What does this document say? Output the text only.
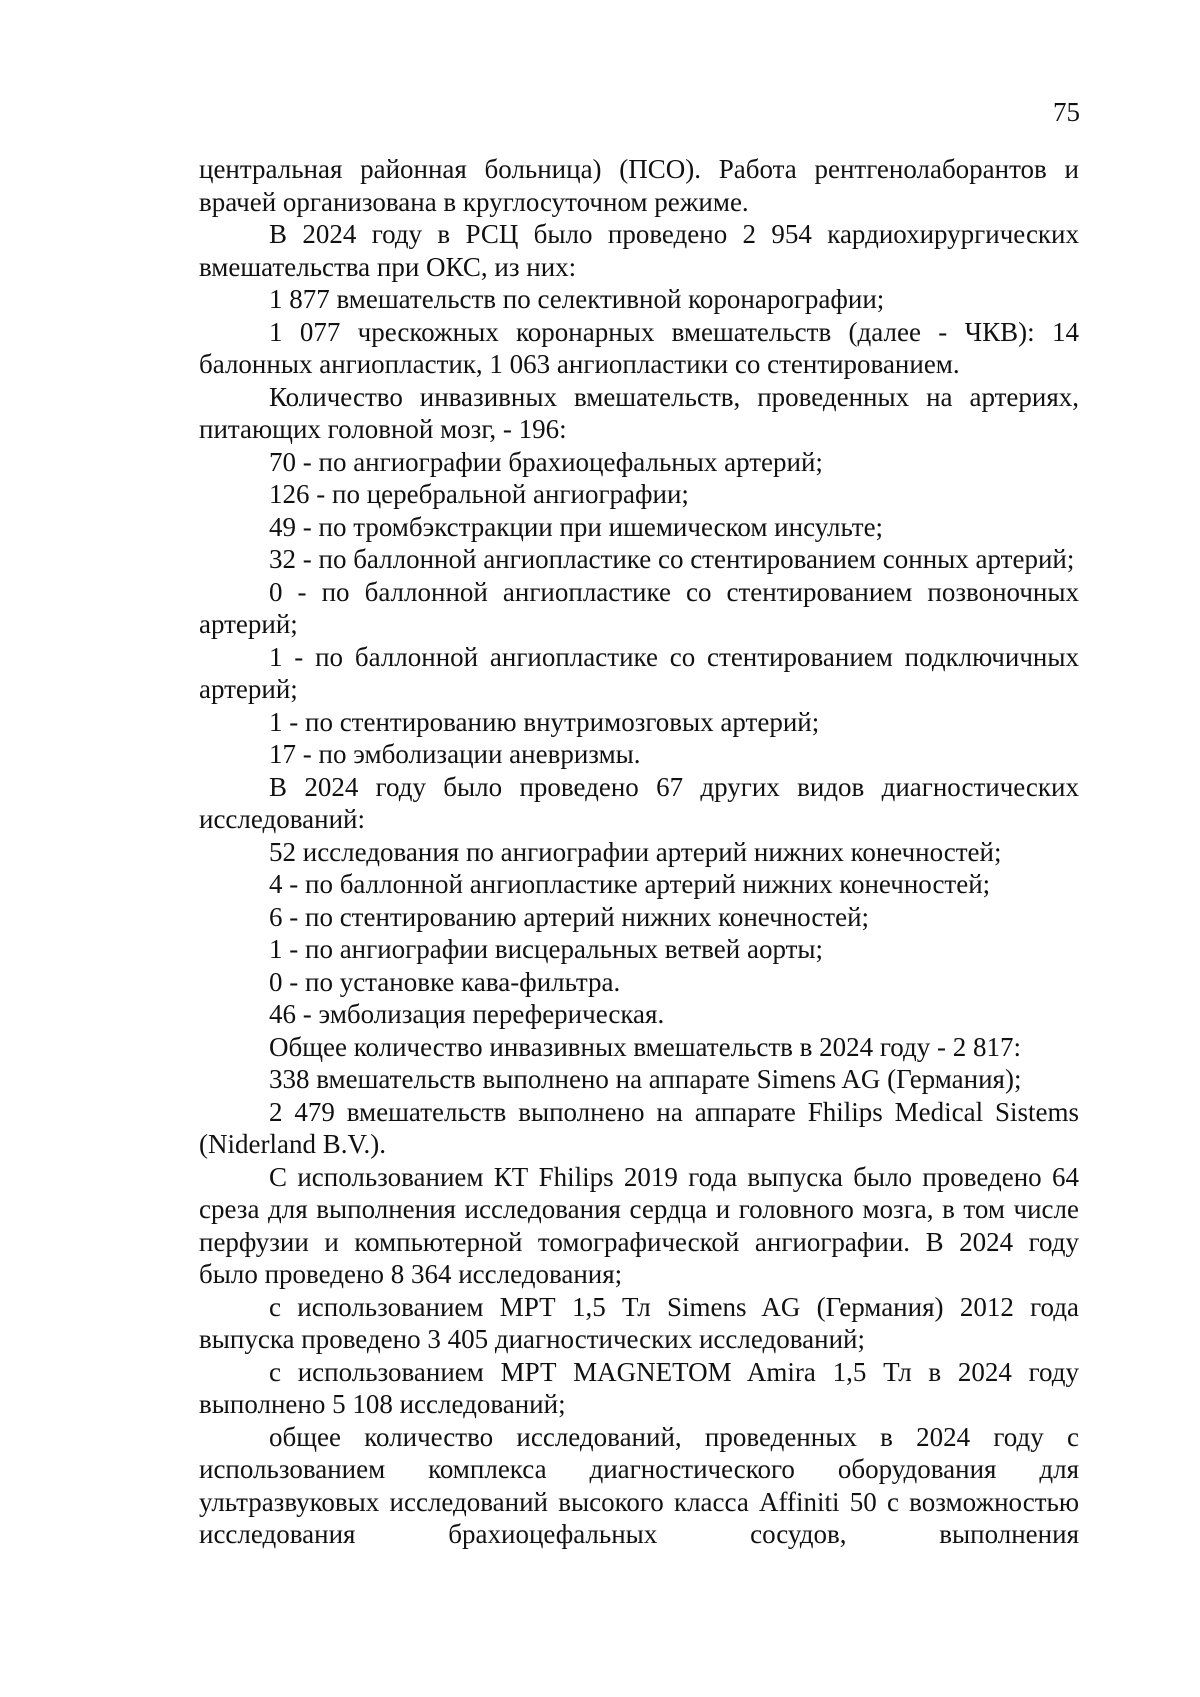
75

центральная районная больница) (ПСО). Работа рентгенолаборантов и врачей организована в круглосуточном режиме.

В 2024 году в РСЦ было проведено 2 954 кардиохирургических вмешательства при ОКС, из них:

1 877 вмешательств по селективной коронарографии;

1 077 чрескожных коронарных вмешательств (далее - ЧКВ): 14 балонных ангиопластик, 1 063 ангиопластики со стентированием.

Количество инвазивных вмешательств, проведенных на артериях, питающих головной мозг, - 196:

70 - по ангиографии брахиоцефальных артерий;

126 - по церебральной ангиографии;

49 - по тромбэкстракции при ишемическом инсульте;

32 - по баллонной ангиопластике со стентированием сонных артерий;

0 - по баллонной ангиопластике со стентированием позвоночных артерий;

1 - по баллонной ангиопластике со стентированием подключичных артерий;

1 - по стентированию внутримозговых артерий;

17 - по эмболизации аневризмы.

В 2024 году было проведено 67 других видов диагностических исследований:

52 исследования по ангиографии артерий нижних конечностей;

4 - по баллонной ангиопластике артерий нижних конечностей;

6 - по стентированию артерий нижних конечностей;

1 - по ангиографии висцеральных ветвей аорты;

0 - по установке кава-фильтра.

46 - эмболизация переферическая.

Общее количество инвазивных вмешательств в 2024 году - 2 817:

338 вмешательств выполнено на аппарате Simens AG (Германия);

2 479 вмешательств выполнено на аппарате Fhilips Medical Sistems (Niderland B.V.).

С использованием КТ Fhilips 2019 года выпуска было проведено 64 среза для выполнения исследования сердца и головного мозга, в том числе перфузии и компьютерной томографической ангиографии. В 2024 году было проведено 8 364 исследования;

с использованием МРТ 1,5 Тл Simens AG (Германия) 2012 года выпуска проведено 3 405 диагностических исследований;

с использованием МРТ MAGNETOM Amira 1,5 Тл в 2024 году выполнено 5 108 исследований;

общее количество исследований, проведенных в 2024 году с использованием комплекса диагностического оборудования для ультразвуковых исследований высокого класса Affiniti 50 с возможностью исследования брахиоцефальных сосудов, выполнения
